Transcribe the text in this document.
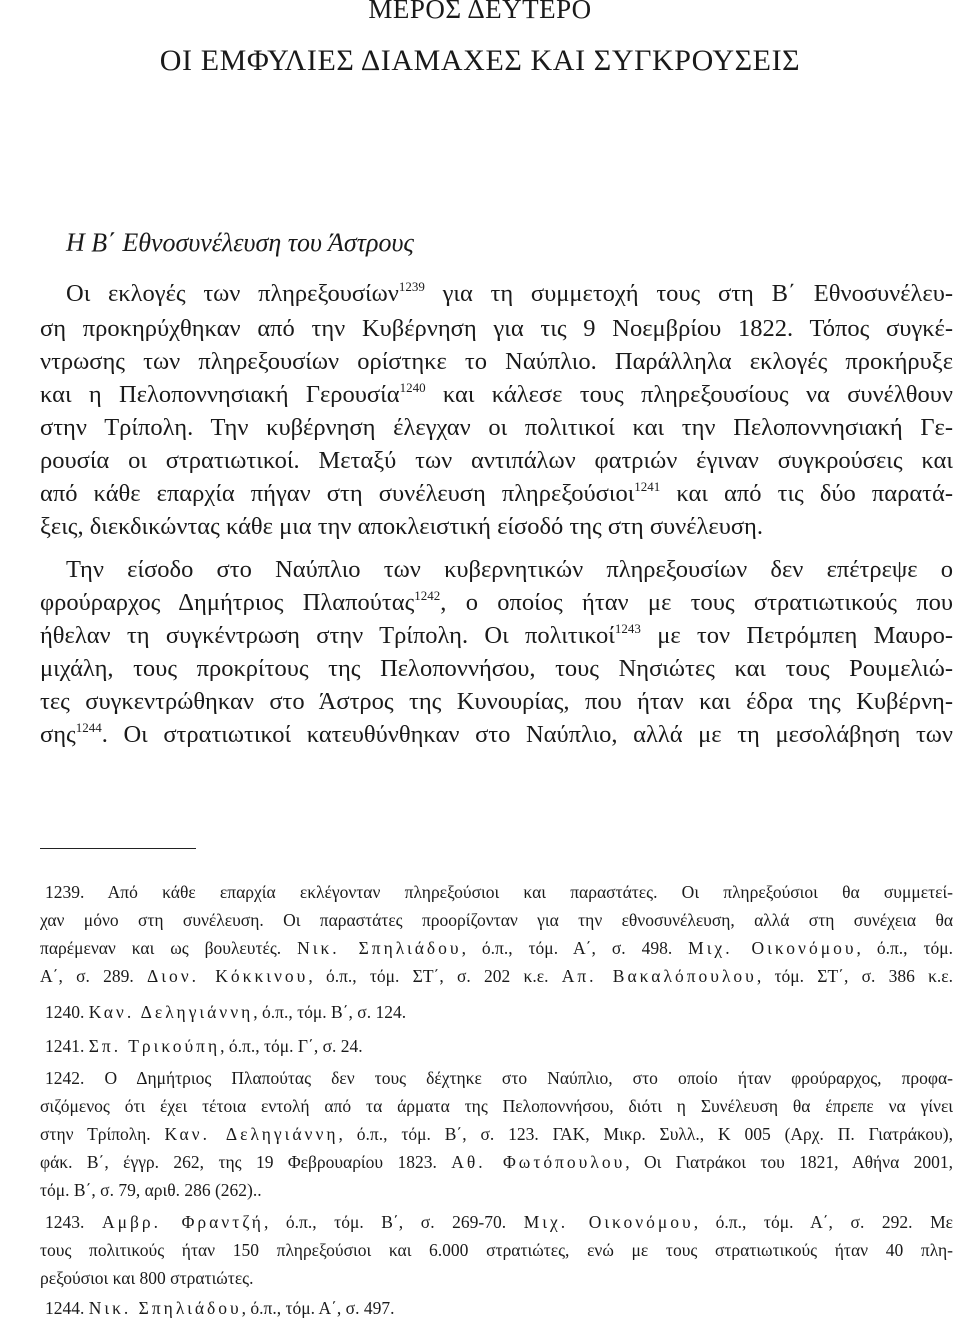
ΜΕΡΟΣ ΔΕΥΤΕΡΟ
ΟΙ ΕΜΦΥΛΙΕΣ ΔΙΑΜΑΧΕΣ ΚΑΙ ΣΥΓΚΡΟΥΣΕΙΣ
Η Β΄ Εθνοσυνέλευση του Άστρους
Οι εκλογές των πληρεξουσίων$^{1239}$ για τη συμμετοχή τους στη Β΄ Εθνοσυνέλευ-
ση προκηρύχθηκαν από την Κυβέρνηση για τις 9 Νοεμβρίου 1822. Τόπος συγκέ-
ντρωσης των πληρεξουσίων ορίστηκε το Ναύπλιο. Παράλληλα εκλογές προκήρυξε
και η Πελοποννησιακή Γερουσία$^{1240}$ και κάλεσε τους πληρεξουσίους να συνέλθουν
στην Τρίπολη. Την κυβέρνηση έλεγχαν οι πολιτικοί και την Πελοποννησιακή Γε-
ρουσία οι στρατιωτικοί. Μεταξύ των αντιπάλων φατριών έγιναν συγκρούσεις και
από κάθε επαρχία πήγαν στη συνέλευση πληρεξούσιοι$^{1241}$ και από τις δύο παρατά-
ξεις, διεκδικώντας κάθε μια την αποκλειστική είσοδό της στη συνέλευση.
Την είσοδο στο Ναύπλιο των κυβερνητικών πληρεξουσίων δεν επέτρεψε ο
φρούραρχος Δημήτριος Πλαπούτας$^{1242}$, ο οποίος ήταν με τους στρατιωτικούς που
ήθελαν τη συγκέντρωση στην Τρίπολη. Οι πολιτικοί$^{1243}$ με τον Πετρόμπεη Μαυρο-
μιχάλη, τους προκρίτους της Πελοποννήσου, τους Νησιώτες και τους Ρουμελιώ-
τες συγκεντρώθηκαν στο Άστρος της Κυνουρίας, που ήταν και έδρα της Κυβέρνη-
σης$^{1244}$. Οι στρατιωτικοί κατευθύνθηκαν στο Ναύπλιο, αλλά με τη μεσολάβηση των
1239. Από κάθε επαρχία εκλέγονταν πληρεξούσιοι και παραστάτες. Οι πληρεξούσιοι θα συμμετεί-
χαν μόνο στη συνέλευση. Οι παραστάτες προορίζονταν για την εθνοσυνέλευση, αλλά στη συνέχεια θα
παρέμεναν και ως βουλευτές. Νικ. Σπηλιάδου, ό.π., τόμ. Α΄, σ. 498. Μιχ. Οικονόμου, ό.π., τόμ.
Α΄, σ. 289. Διον. Κόκκινου, ό.π., τόμ. ΣΤ΄, σ. 202 κ.ε. Απ. Βακαλόπουλου, τόμ. ΣΤ΄, σ. 386 κ.ε.
1240. Καν. Δεληγιάννη, ό.π., τόμ. Β΄, σ. 124.
1241. Σπ. Τρικούπη, ό.π., τόμ. Γ΄, σ. 24.
1242. Ο Δημήτριος Πλαπούτας δεν τους δέχτηκε στο Ναύπλιο, στο οποίο ήταν φρούραρχος, προφα-
σιζόμενος ότι έχει τέτοια εντολή από τα άρματα της Πελοποννήσου, διότι η Συνέλευση θα έπρεπε να γίνει
στην Τρίπολη. Καν. Δεληγιάννη, ό.π., τόμ. Β΄, σ. 123. ΓΑΚ, Μικρ. Συλλ., Κ 005 (Αρχ. Π. Γιατράκου),
φάκ. Β΄, έγγρ. 262, της 19 Φεβρουαρίου 1823. Αθ. Φωτόπουλου, Οι Γιατράκοι του 1821, Αθήνα 2001,
τόμ. Β΄, σ. 79, αριθ. 286 (262)..
1243. Αμβρ. Φραντζή, ό.π., τόμ. Β΄, σ. 269-70. Μιχ. Οικονόμου, ό.π., τόμ. Α΄, σ. 292. Με
τους πολιτικούς ήταν 150 πληρεξούσιοι και 6.000 στρατιώτες, ενώ με τους στρατιωτικούς ήταν 40 πλη-
ρεξούσιοι και 800 στρατιώτες.
1244. Νικ. Σπηλιάδου, ό.π., τόμ. Α΄, σ. 497.
